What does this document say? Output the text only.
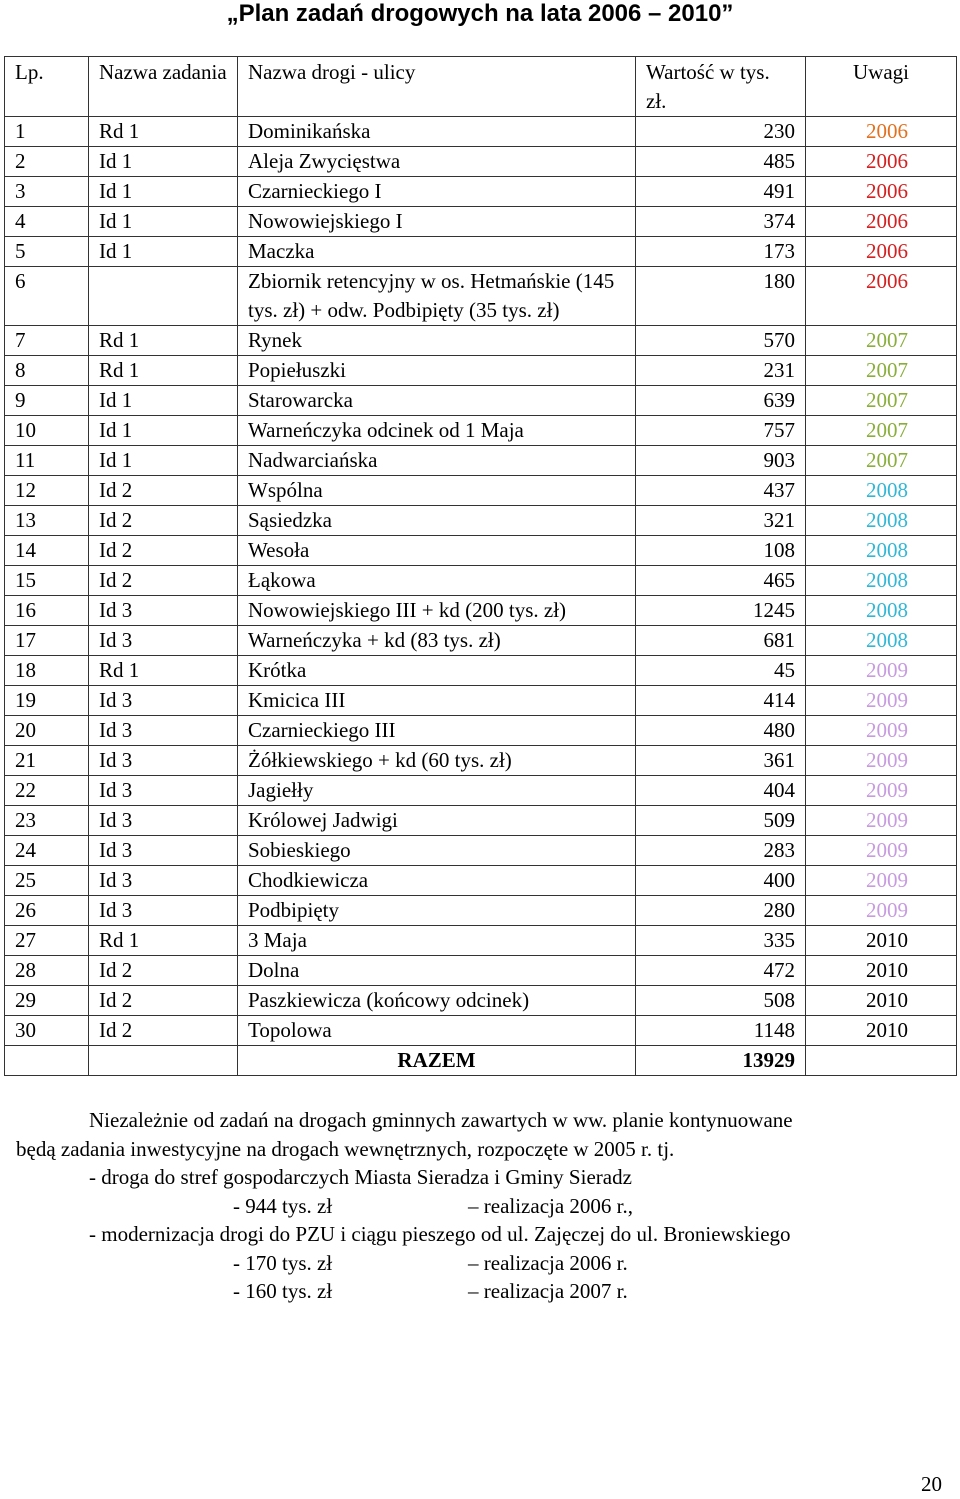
„Plan zadań drogowych na lata 2006 – 2010”
Lp.	Nazwa zadania	Nazwa drogi - ulicy	Wartość w tys. zł.	Uwagi
1	Rd 1	Dominikańska	230	2006
2	Id 1	Aleja Zwycięstwa	485	2006
3	Id 1	Czarnieckiego I	491	2006
4	Id 1	Nowowiejskiego I	374	2006
5	Id 1	Maczka	173	2006
6		Zbiornik retencyjny w os. Hetmańskie (145 tys. zł) + odw. Podbipięty (35 tys. zł)	180	2006
7	Rd 1	Rynek	570	2007
8	Rd 1	Popiełuszki	231	2007
9	Id 1	Starowarcka	639	2007
10	Id 1	Warneńczyka odcinek od 1 Maja	757	2007
11	Id 1	Nadwarciańska	903	2007
12	Id 2	Wspólna	437	2008
13	Id 2	Sąsiedzka	321	2008
14	Id 2	Wesoła	108	2008
15	Id 2	Łąkowa	465	2008
16	Id 3	Nowowiejskiego III + kd (200 tys. zł)	1245	2008
17	Id 3	Warneńczyka + kd (83 tys. zł)	681	2008
18	Rd 1	Krótka	45	2009
19	Id 3	Kmicica III	414	2009
20	Id 3	Czarnieckiego III	480	2009
21	Id 3	Żółkiewskiego + kd (60 tys. zł)	361	2009
22	Id 3	Jagiełły	404	2009
23	Id 3	Królowej Jadwigi	509	2009
24	Id 3	Sobieskiego	283	2009
25	Id 3	Chodkiewicza	400	2009
26	Id 3	Podbipięty	280	2009
27	Rd 1	3 Maja	335	2010
28	Id 2	Dolna	472	2010
29	Id 2	Paszkiewicza (końcowy odcinek)	508	2010
30	Id 2	Topolowa	1148	2010
		RAZEM	13929	

Niezależnie od zadań na drogach gminnych zawartych w ww. planie kontynuowane

będą zadania inwestycyjne na drogach wewnętrznych, rozpoczęte w 2005 r. tj.

- droga do stref gospodarczych Miasta Sieradza i Gminy Sieradz

- 944 tys. zł	– realizacja 2006 r.,

- modernizacja drogi do PZU i ciągu pieszego od ul. Zajęczej do ul. Broniewskiego

- 170 tys. zł	– realizacja 2006 r.

- 160 tys. zł	– realizacja 2007 r.

20
